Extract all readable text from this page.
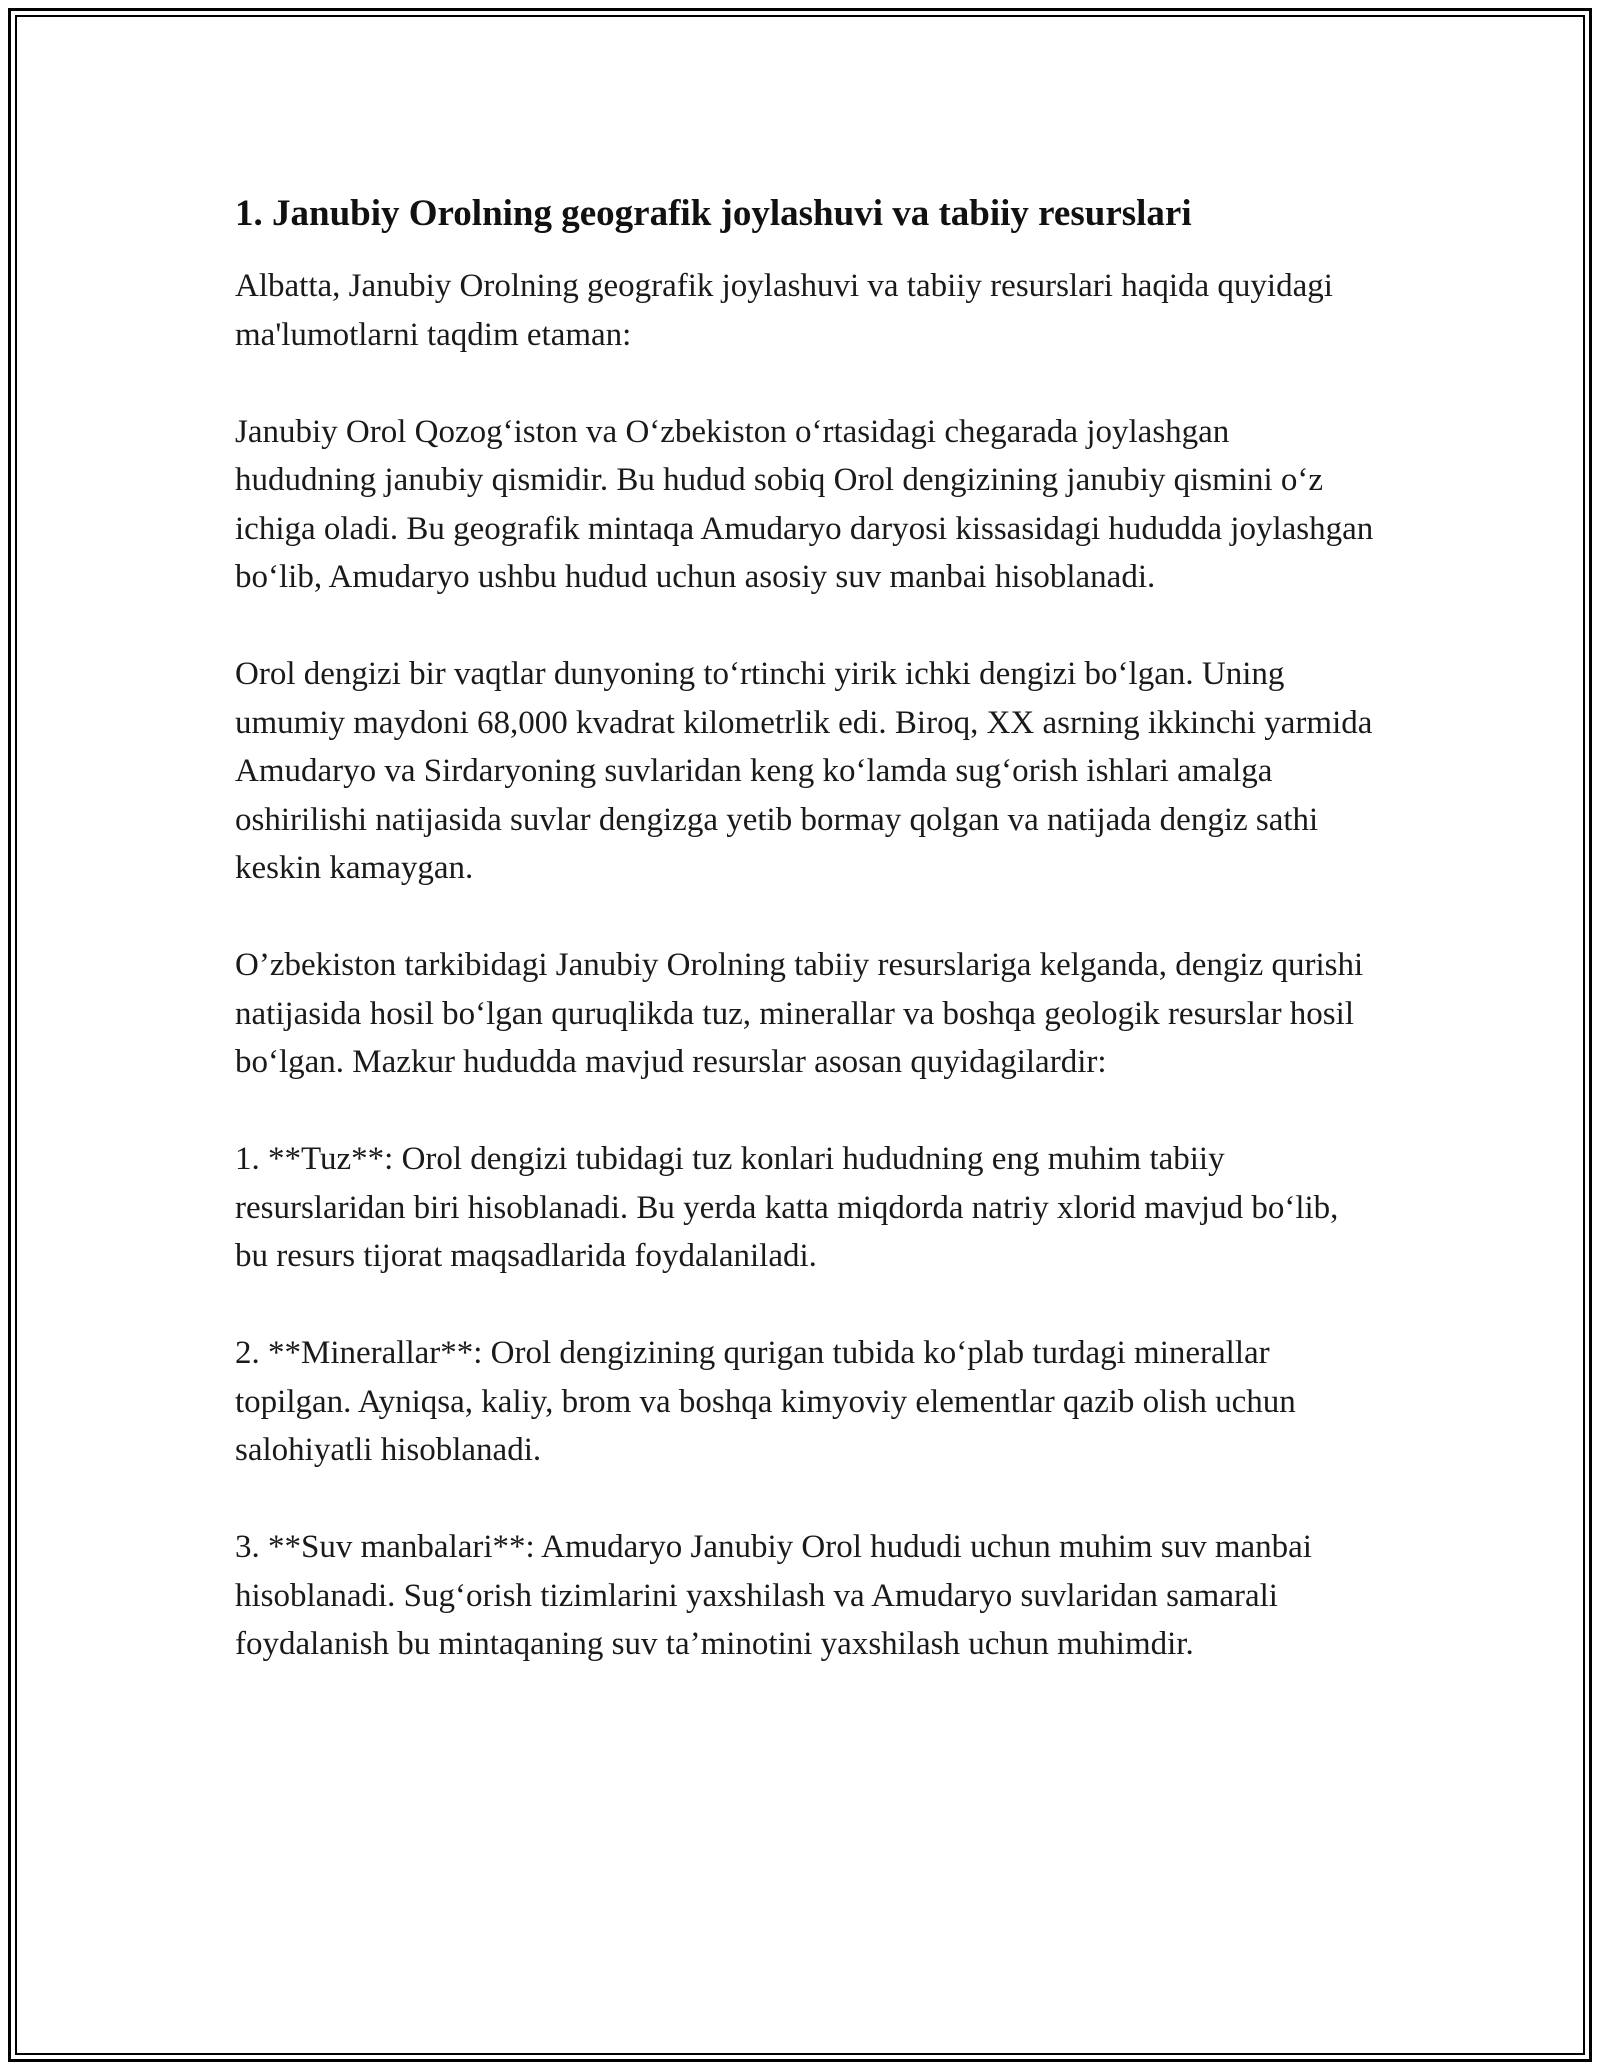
1. Janubiy Orolning geografik joylashuvi va tabiiy resurslari

Albatta, Janubiy Orolning geografik joylashuvi va tabiiy resurslari haqida quyidagi ma'lumotlarni taqdim etaman:

Janubiy Orol Qozog‘iston va O‘zbekiston o‘rtasidagi chegarada joylashgan hududning janubiy qismidir. Bu hudud sobiq Orol dengizining janubiy qismini o‘z ichiga oladi. Bu geografik mintaqa Amudaryo daryosi kissasidagi hududda joylashgan bo‘lib, Amudaryo ushbu hudud uchun asosiy suv manbai hisoblanadi.

Orol dengizi bir vaqtlar dunyoning to‘rtinchi yirik ichki dengizi bo‘lgan. Uning umumiy maydoni 68,000 kvadrat kilometrlik edi. Biroq, XX asrning ikkinchi yarmida Amudaryo va Sirdaryoning suvlaridan keng ko‘lamda sug‘orish ishlari amalga oshirilishi natijasida suvlar dengizga yetib bormay qolgan va natijada dengiz sathi keskin kamaygan.

O’zbekiston tarkibidagi Janubiy Orolning tabiiy resurslariga kelganda, dengiz qurishi natijasida hosil bo‘lgan quruqlikda tuz, minerallar va boshqa geologik resurslar hosil bo‘lgan. Mazkur hududda mavjud resurslar asosan quyidagilardir:

1. **Tuz**: Orol dengizi tubidagi tuz konlari hududning eng muhim tabiiy resurslaridan biri hisoblanadi. Bu yerda katta miqdorda natriy xlorid mavjud bo‘lib, bu resurs tijorat maqsadlarida foydalaniladi.

2. **Minerallar**: Orol dengizining qurigan tubida ko‘plab turdagi minerallar topilgan. Ayniqsa, kaliy, brom va boshqa kimyoviy elementlar qazib olish uchun salohiyatli hisoblanadi.

3. **Suv manbalari**: Amudaryo Janubiy Orol hududi uchun muhim suv manbai hisoblanadi. Sug‘orish tizimlarini yaxshilash va Amudaryo suvlaridan samarali foydalanish bu mintaqaning suv ta’minotini yaxshilash uchun muhimdir.
